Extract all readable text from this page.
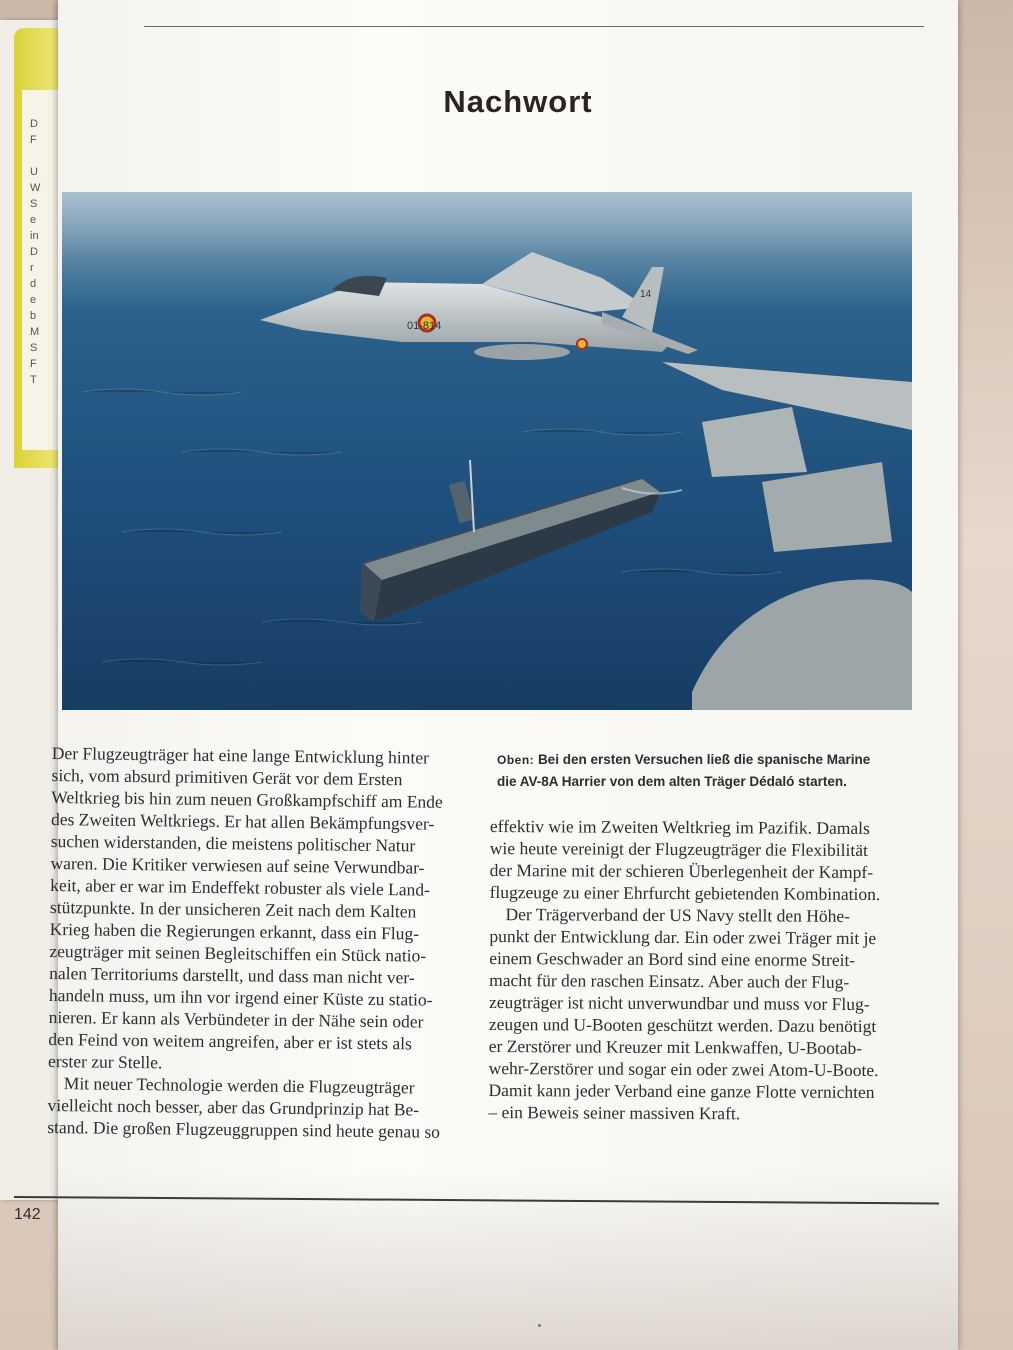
D
F

U
W
S
e
in
D
r
d
e
b
M
S
F
T
Nachwort
01-814
14
Oben: Bei den ersten Versuchen ließ die spanische Marine
die AV-8A Harrier von dem alten Träger Dédaló starten.

Der Flugzeugträger hat eine lange Entwicklung hinter

sich, vom absurd primitiven Gerät vor dem Ersten

Weltkrieg bis hin zum neuen Großkampfschiff am Ende

des Zweiten Weltkriegs. Er hat allen Bekämpfungsver-

suchen widerstanden, die meistens politischer Natur

waren. Die Kritiker verwiesen auf seine Verwundbar-

keit, aber er war im Endeffekt robuster als viele Land-

stützpunkte. In der unsicheren Zeit nach dem Kalten

Krieg haben die Regierungen erkannt, dass ein Flug-

zeugträger mit seinen Begleitschiffen ein Stück natio-

nalen Territoriums darstellt, und dass man nicht ver-

handeln muss, um ihn vor irgend einer Küste zu statio-

nieren. Er kann als Verbündeter in der Nähe sein oder

den Feind von weitem angreifen, aber er ist stets als

erster zur Stelle.

Mit neuer Technologie werden die Flugzeugträger

vielleicht noch besser, aber das Grundprinzip hat Be-

stand. Die großen Flugzeuggruppen sind heute genau so

effektiv wie im Zweiten Weltkrieg im Pazifik. Damals

wie heute vereinigt der Flugzeugträger die Flexibilität

der Marine mit der schieren Überlegenheit der Kampf-

flugzeuge zu einer Ehrfurcht gebietenden Kombination.

Der Trägerverband der US Navy stellt den Höhe-

punkt der Entwicklung dar. Ein oder zwei Träger mit je

einem Geschwader an Bord sind eine enorme Streit-

macht für den raschen Einsatz. Aber auch der Flug-

zeugträger ist nicht unverwundbar und muss vor Flug-

zeugen und U-Booten geschützt werden. Dazu benötigt

er Zerstörer und Kreuzer mit Lenkwaffen, U-Bootab-

wehr-Zerstörer und sogar ein oder zwei Atom-U-Boote.

Damit kann jeder Verband eine ganze Flotte vernichten

– ein Beweis seiner massiven Kraft.

142
